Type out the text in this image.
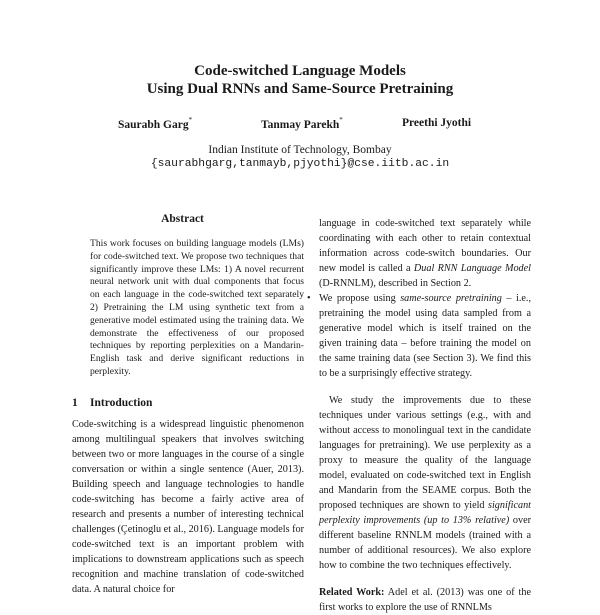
Code-switched Language Models
Using Dual RNNs and Same-Source Pretraining
Saurabh Garg*	Tanmay Parekh*	Preethi Jyothi
Indian Institute of Technology, Bombay
{saurabhgarg,tanmayb,pjyothi}@cse.iitb.ac.in
Abstract

This work focuses on building language models (LMs) for code-switched text. We propose two techniques that significantly improve these LMs: 1) A novel recurrent neural network unit with dual components that focus on each language in the code-switched text separately 2) Pretraining the LM using synthetic text from a generative model estimated using the training data. We demonstrate the effectiveness of our proposed techniques by reporting perplexities on a Mandarin-English task and derive significant reductions in perplexity.

1 Introduction

Code-switching is a widespread linguistic phenomenon among multilingual speakers that involves switching between two or more languages in the course of a single conversation or within a single sentence (Auer, 2013). Building speech and language technologies to handle code-switching has become a fairly active area of research and presents a number of interesting technical challenges (Çetinoglu et al., 2016). Language models for code-switched text is an important problem with implications to downstream applications such as speech recognition and machine translation of code-switched data. A natural choice for

language in code-switched text separately while coordinating with each other to retain contextual information across code-switch boundaries. Our new model is called a Dual RNN Language Model (D-RNNLM), described in Section 2.

• We propose using same-source pretraining – i.e., pretraining the model using data sampled from a generative model which is itself trained on the given training data – before training the model on the same training data (see Section 3). We find this to be a surprisingly effective strategy.

We study the improvements due to these techniques under various settings (e.g., with and without access to monolingual text in the candidate languages for pretraining). We use perplexity as a proxy to measure the quality of the language model, evaluated on code-switched text in English and Mandarin from the SEAME corpus. Both the proposed techniques are shown to yield significant perplexity improvements (up to 13% relative) over different baseline RNNLM models (trained with a number of additional resources). We also explore how to combine the two techniques effectively.

Related Work: Adel et al. (2013) was one of the first works to explore the use of RNNLMs
